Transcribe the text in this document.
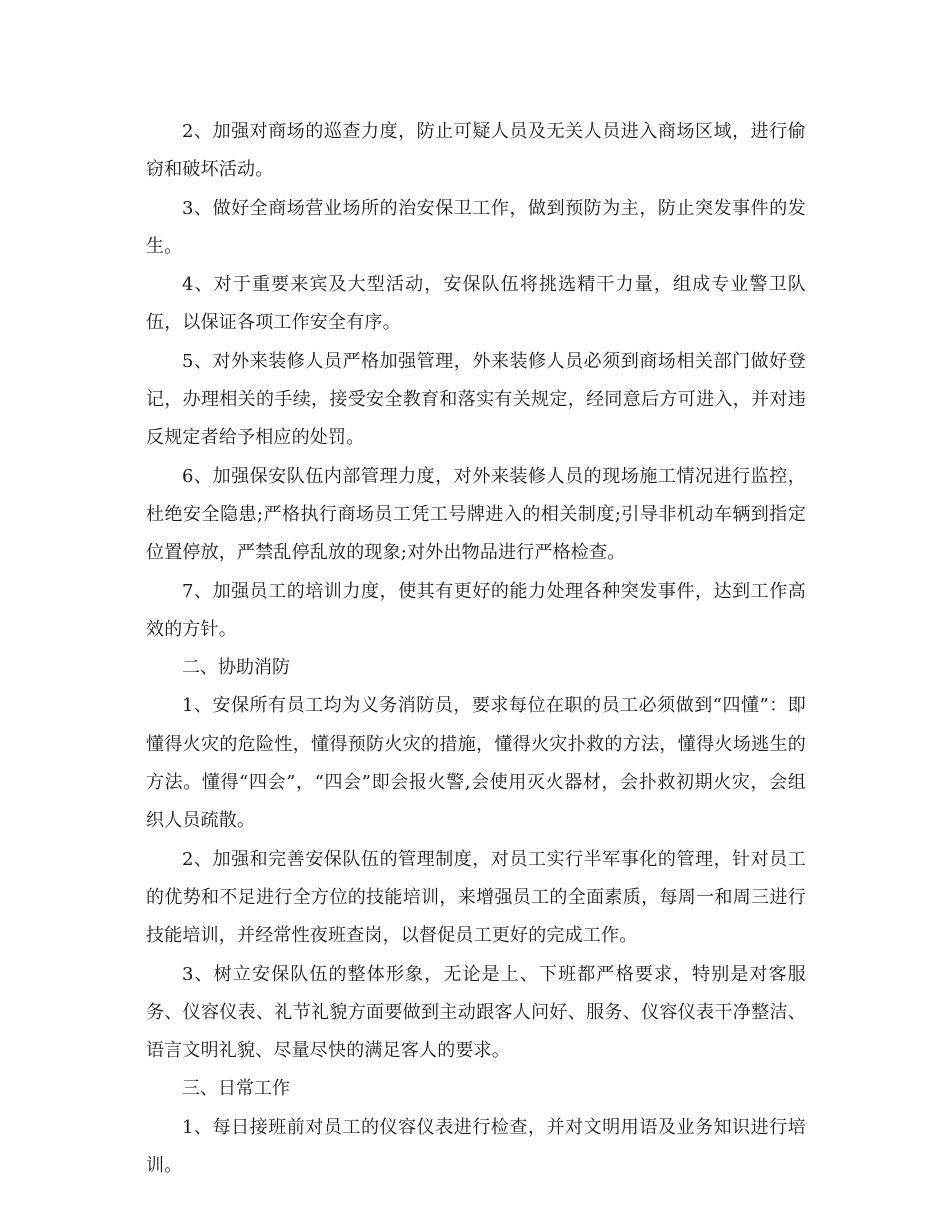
2、加强对商场的巡查力度，防止可疑人员及无关人员进入商场区域，进行偷窃和破坏活动。

3、做好全商场营业场所的治安保卫工作，做到预防为主，防止突发事件的发生。

4、对于重要来宾及大型活动，安保队伍将挑选精干力量，组成专业警卫队伍，以保证各项工作安全有序。

5、对外来装修人员严格加强管理，外来装修人员必须到商场相关部门做好登记，办理相关的手续，接受安全教育和落实有关规定，经同意后方可进入，并对违反规定者给予相应的处罚。

6、加强保安队伍内部管理力度，对外来装修人员的现场施工情况进行监控，杜绝安全隐患;严格执行商场员工凭工号牌进入的相关制度;引导非机动车辆到指定位置停放，严禁乱停乱放的现象;对外出物品进行严格检查。

7、加强员工的培训力度，使其有更好的能力处理各种突发事件，达到工作高效的方针。

二、协助消防

1、安保所有员工均为义务消防员，要求每位在职的员工必须做到“四懂”：即懂得火灾的危险性，懂得预防火灾的措施，懂得火灾扑救的方法，懂得火场逃生的方法。懂得“四会”，“四会”即会报火警,会使用灭火器材，会扑救初期火灾，会组织人员疏散。

2、加强和完善安保队伍的管理制度，对员工实行半军事化的管理，针对员工的优势和不足进行全方位的技能培训，来增强员工的全面素质，每周一和周三进行技能培训，并经常性夜班查岗，以督促员工更好的完成工作。

3、树立安保队伍的整体形象，无论是上、下班都严格要求，特别是对客服务、仪容仪表、礼节礼貌方面要做到主动跟客人问好、服务、仪容仪表干净整洁、语言文明礼貌、尽量尽快的满足客人的要求。

三、日常工作

1、每日接班前对员工的仪容仪表进行检查，并对文明用语及业务知识进行培训。
